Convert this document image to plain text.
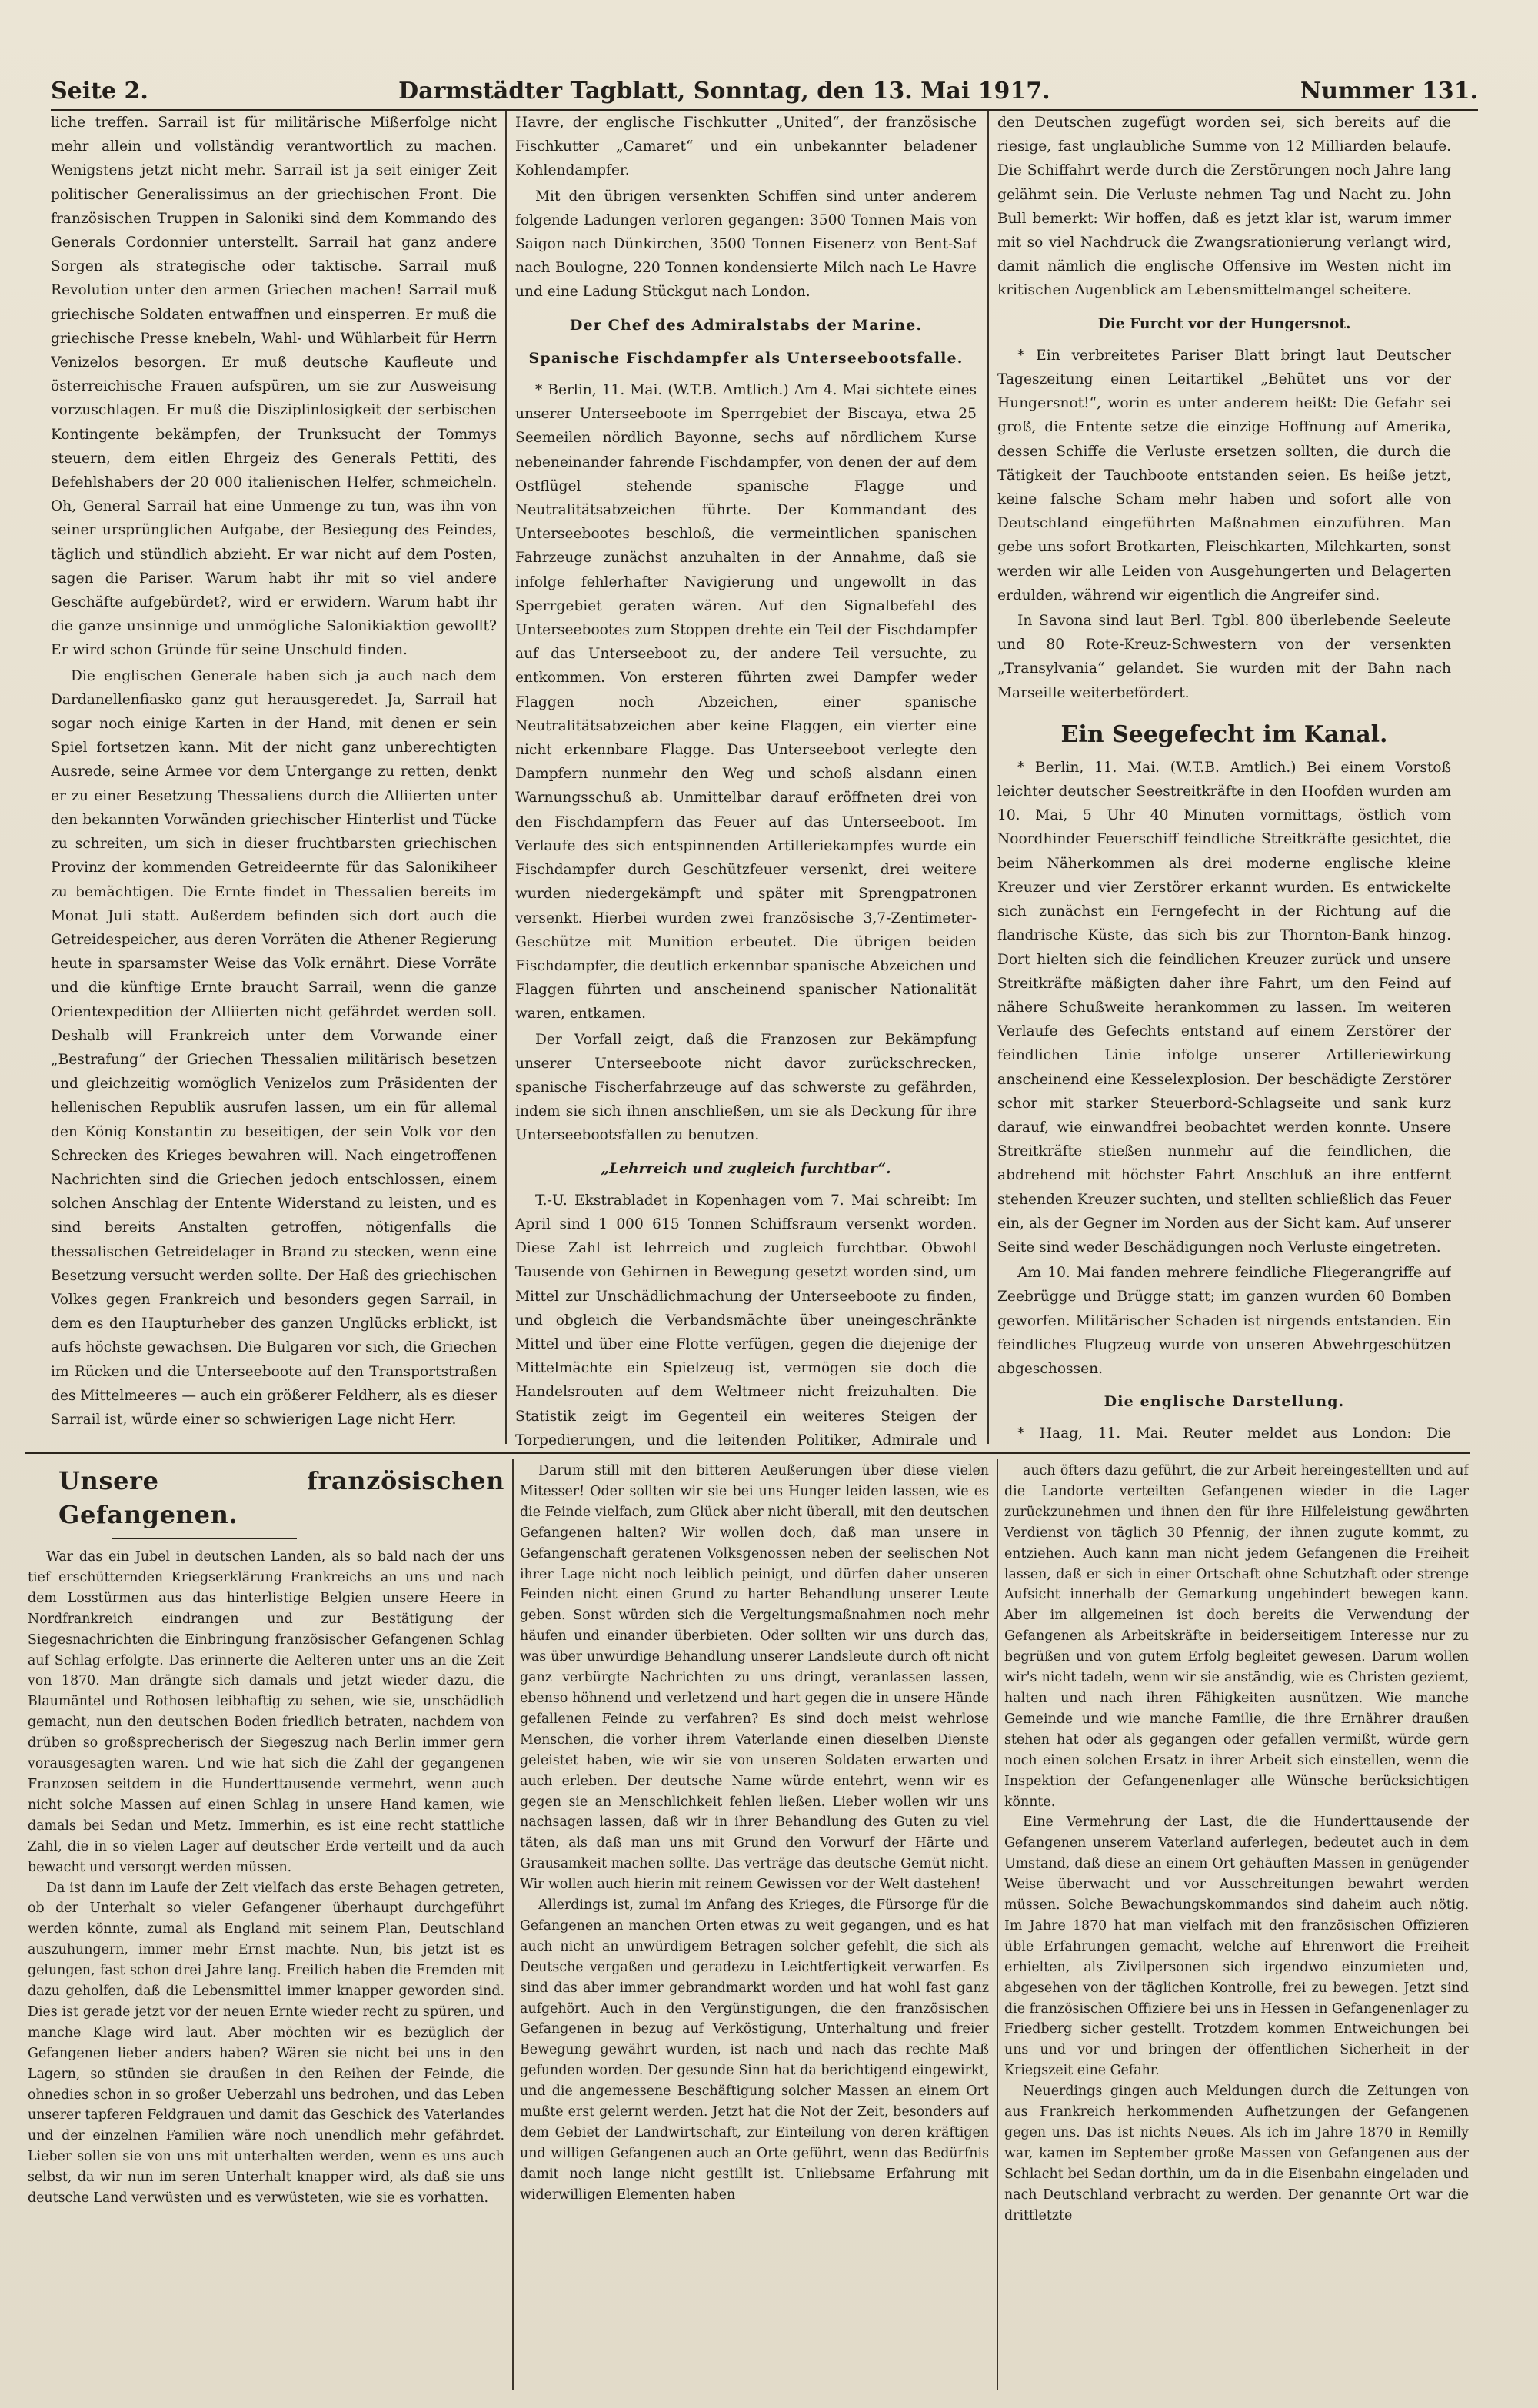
Seite 2.	Darmstädter Tagblatt, Sonntag, den 13. Mai 1917.	Nummer 131.

liche treffen. Sarrail ist für militärische Mißerfolge nicht mehr allein und vollständig verantwortlich zu machen. Wenigstens jetzt nicht mehr. Sarrail ist ja seit einiger Zeit politischer Generalissimus an der griechischen Front. Die französischen Truppen in Saloniki sind dem Kommando des Generals Cordonnier unterstellt. Sarrail hat ganz andere Sorgen als strategische oder taktische. Sarrail muß Revolution unter den armen Griechen machen! Sarrail muß griechische Soldaten entwaffnen und einsperren. Er muß die griechische Presse knebeln, Wahl- und Wühlarbeit für Herrn Venizelos besorgen. Er muß deutsche Kaufleute und österreichische Frauen aufspüren, um sie zur Ausweisung vorzuschlagen. Er muß die Disziplinlosigkeit der serbischen Kontingente bekämpfen, der Trunksucht der Tommys steuern, dem eitlen Ehrgeiz des Generals Pettiti, des Befehlshabers der 20 000 italienischen Helfer, schmeicheln. Oh, General Sarrail hat eine Unmenge zu tun, was ihn von seiner ursprünglichen Aufgabe, der Besiegung des Feindes, täglich und stündlich abzieht. Er war nicht auf dem Posten, sagen die Pariser. Warum habt ihr mit so viel andere Geschäfte aufgebürdet?, wird er erwidern. Warum habt ihr die ganze unsinnige und unmögliche Salonikiaktion gewollt? Er wird schon Gründe für seine Unschuld finden.

Die englischen Generale haben sich ja auch nach dem Dardanellenfiasko ganz gut herausgeredet. Ja, Sarrail hat sogar noch einige Karten in der Hand, mit denen er sein Spiel fortsetzen kann. Mit der nicht ganz unberechtigten Ausrede, seine Armee vor dem Untergange zu retten, denkt er zu einer Besetzung Thessaliens durch die Alliierten unter den bekannten Vorwänden griechischer Hinterlist und Tücke zu schreiten, um sich in dieser fruchtbarsten griechischen Provinz der kommenden Getreideernte für das Salonikiheer zu bemächtigen. Die Ernte findet in Thessalien bereits im Monat Juli statt. Außerdem befinden sich dort auch die Getreidespeicher, aus deren Vorräten die Athener Regierung heute in sparsamster Weise das Volk ernährt. Diese Vorräte und die künftige Ernte braucht Sarrail, wenn die ganze Orientexpedition der Alliierten nicht gefährdet werden soll. Deshalb will Frankreich unter dem Vorwande einer „Bestrafung“ der Griechen Thessalien militärisch besetzen und gleichzeitig womöglich Venizelos zum Präsidenten der hellenischen Republik ausrufen lassen, um ein für allemal den König Konstantin zu beseitigen, der sein Volk vor den Schrecken des Krieges bewahren will. Nach eingetroffenen Nachrichten sind die Griechen jedoch entschlossen, einem solchen Anschlag der Entente Widerstand zu leisten, und es sind bereits Anstalten getroffen, nötigenfalls die thessalischen Getreidelager in Brand zu stecken, wenn eine Besetzung versucht werden sollte. Der Haß des griechischen Volkes gegen Frankreich und besonders gegen Sarrail, in dem es den Haupturheber des ganzen Unglücks erblickt, ist aufs höchste gewachsen. Die Bulgaren vor sich, die Griechen im Rücken und die Unterseeboote auf den Transportstraßen des Mittelmeeres — auch ein größerer Feldherr, als es dieser Sarrail ist, würde einer so schwierigen Lage nicht Herr.

Havre, der englische Fischkutter „United“, der französische Fischkutter „Camaret“ und ein unbekannter beladener Kohlendampfer.

Mit den übrigen versenkten Schiffen sind unter anderem folgende Ladungen verloren gegangen: 3500 Tonnen Mais von Saigon nach Dünkirchen, 3500 Tonnen Eisenerz von Bent-Saf nach Boulogne, 220 Tonnen kondensierte Milch nach Le Havre und eine Ladung Stückgut nach London.

Der Chef des Admiralstabs der Marine.
Spanische Fischdampfer als Unterseebootsfalle.

* Berlin, 11. Mai. (W.T.B. Amtlich.) Am 4. Mai sichtete eines unserer Unterseeboote im Sperrgebiet der Biscaya, etwa 25 Seemeilen nördlich Bayonne, sechs auf nördlichem Kurse nebeneinander fahrende Fischdampfer, von denen der auf dem Ostflügel stehende spanische Flagge und Neutralitätsabzeichen führte. Der Kommandant des Unterseebootes beschloß, die vermeintlichen spanischen Fahrzeuge zunächst anzuhalten in der Annahme, daß sie infolge fehlerhafter Navigierung und ungewollt in das Sperrgebiet geraten wären. Auf den Signalbefehl des Unterseebootes zum Stoppen drehte ein Teil der Fischdampfer auf das Unterseeboot zu, der andere Teil versuchte, zu entkommen. Von ersteren führten zwei Dampfer weder Flaggen noch Abzeichen, einer spanische Neutralitätsabzeichen aber keine Flaggen, ein vierter eine nicht erkennbare Flagge. Das Unterseeboot verlegte den Dampfern nunmehr den Weg und schoß alsdann einen Warnungsschuß ab. Unmittelbar darauf eröffneten drei von den Fischdampfern das Feuer auf das Unterseeboot. Im Verlaufe des sich entspinnenden Artilleriekampfes wurde ein Fischdampfer durch Geschützfeuer versenkt, drei weitere wurden niedergekämpft und später mit Sprengpatronen versenkt. Hierbei wurden zwei französische 3,7-Zentimeter-Geschütze mit Munition erbeutet. Die übrigen beiden Fischdampfer, die deutlich erkennbar spanische Abzeichen und Flaggen führten und anscheinend spanischer Nationalität waren, entkamen.

Der Vorfall zeigt, daß die Franzosen zur Bekämpfung unserer Unterseeboote nicht davor zurückschrecken, spanische Fischerfahrzeuge auf das schwerste zu gefährden, indem sie sich ihnen anschließen, um sie als Deckung für ihre Unterseebootsfallen zu benutzen.

„Lehrreich und zugleich furchtbar“.

T.-U. Ekstrabladet in Kopenhagen vom 7. Mai schreibt: Im April sind 1 000 615 Tonnen Schiffsraum versenkt worden. Diese Zahl ist lehrreich und zugleich furchtbar. Obwohl Tausende von Gehirnen in Bewegung gesetzt worden sind, um Mittel zur Unschädlichmachung der Unterseeboote zu finden, und obgleich die Verbandsmächte über uneingeschränkte Mittel und über eine Flotte verfügen, gegen die diejenige der Mittelmächte ein Spielzeug ist, vermögen sie doch die Handelsrouten auf dem Weltmeer nicht freizuhalten. Die Statistik zeigt im Gegenteil ein weiteres Steigen der Torpedierungen, und die leitenden Politiker, Admirale und

den Deutschen zugefügt worden sei, sich bereits auf die riesige, fast unglaubliche Summe von 12 Milliarden belaufe. Die Schiffahrt werde durch die Zerstörungen noch Jahre lang gelähmt sein. Die Verluste nehmen Tag und Nacht zu. John Bull bemerkt: Wir hoffen, daß es jetzt klar ist, warum immer mit so viel Nachdruck die Zwangsrationierung verlangt wird, damit nämlich die englische Offensive im Westen nicht im kritischen Augenblick am Lebensmittelmangel scheitere.

Die Furcht vor der Hungersnot.

* Ein verbreitetes Pariser Blatt bringt laut Deutscher Tageszeitung einen Leitartikel „Behütet uns vor der Hungersnot!“, worin es unter anderem heißt: Die Gefahr sei groß, die Entente setze die einzige Hoffnung auf Amerika, dessen Schiffe die Verluste ersetzen sollten, die durch die Tätigkeit der Tauchboote entstanden seien. Es heiße jetzt, keine falsche Scham mehr haben und sofort alle von Deutschland eingeführten Maßnahmen einzuführen. Man gebe uns sofort Brotkarten, Fleischkarten, Milchkarten, sonst werden wir alle Leiden von Ausgehungerten und Belagerten erdulden, während wir eigentlich die Angreifer sind.

In Savona sind laut Berl. Tgbl. 800 überlebende Seeleute und 80 Rote-Kreuz-Schwestern von der versenkten „Transylvania“ gelandet. Sie wurden mit der Bahn nach Marseille weiterbefördert.

Ein Seegefecht im Kanal.

* Berlin, 11. Mai. (W.T.B. Amtlich.) Bei einem Vorstoß leichter deutscher Seestreitkräfte in den Hoofden wurden am 10. Mai, 5 Uhr 40 Minuten vormittags, östlich vom Noordhinder Feuerschiff feindliche Streitkräfte gesichtet, die beim Näherkommen als drei moderne englische kleine Kreuzer und vier Zerstörer erkannt wurden. Es entwickelte sich zunächst ein Ferngefecht in der Richtung auf die flandrische Küste, das sich bis zur Thornton-Bank hinzog. Dort hielten sich die feindlichen Kreuzer zurück und unsere Streitkräfte mäßigten daher ihre Fahrt, um den Feind auf nähere Schußweite herankommen zu lassen. Im weiteren Verlaufe des Gefechts entstand auf einem Zerstörer der feindlichen Linie infolge unserer Artilleriewirkung anscheinend eine Kesselexplosion. Der beschädigte Zerstörer schor mit starker Steuerbord-Schlagseite und sank kurz darauf, wie einwandfrei beobachtet werden konnte. Unsere Streitkräfte stießen nunmehr auf die feindlichen, die abdrehend mit höchster Fahrt Anschluß an ihre entfernt stehenden Kreuzer suchten, und stellten schließlich das Feuer ein, als der Gegner im Norden aus der Sicht kam. Auf unserer Seite sind weder Beschädigungen noch Verluste eingetreten.

Am 10. Mai fanden mehrere feindliche Fliegerangriffe auf Zeebrügge und Brügge statt; im ganzen wurden 60 Bomben geworfen. Militärischer Schaden ist nirgends entstanden. Ein feindliches Flugzeug wurde von unseren Abwehrgeschützen abgeschossen.

Die englische Darstellung.

* Haag, 11. Mai. Reuter meldet aus London: Die

Unsere französischen Gefangenen.

War das ein Jubel in deutschen Landen, als so bald nach der uns tief erschütternden Kriegserklärung Frankreichs an uns und nach dem Losstürmen aus das hinterlistige Belgien unsere Heere in Nordfrankreich eindrangen und zur Bestätigung der Siegesnachrichten die Einbringung französischer Gefangenen Schlag auf Schlag erfolgte. Das erinnerte die Aelteren unter uns an die Zeit von 1870. Man drängte sich damals und jetzt wieder dazu, die Blaumäntel und Rothosen leibhaftig zu sehen, wie sie, unschädlich gemacht, nun den deutschen Boden friedlich betraten, nachdem von drüben so großsprecherisch der Siegeszug nach Berlin immer gern vorausgesagten waren. Und wie hat sich die Zahl der gegangenen Franzosen seitdem in die Hunderttausende vermehrt, wenn auch nicht solche Massen auf einen Schlag in unsere Hand kamen, wie damals bei Sedan und Metz. Immerhin, es ist eine recht stattliche Zahl, die in so vielen Lager auf deutscher Erde verteilt und da auch bewacht und versorgt werden müssen.

Da ist dann im Laufe der Zeit vielfach das erste Behagen getreten, ob der Unterhalt so vieler Gefangener überhaupt durchgeführt werden könnte, zumal als England mit seinem Plan, Deutschland auszuhungern, immer mehr Ernst machte. Nun, bis jetzt ist es gelungen, fast schon drei Jahre lang. Freilich haben die Fremden mit dazu geholfen, daß die Lebensmittel immer knapper geworden sind. Dies ist gerade jetzt vor der neuen Ernte wieder recht zu spüren, und manche Klage wird laut. Aber möchten wir es bezüglich der Gefangenen lieber anders haben? Wären sie nicht bei uns in den Lagern, so stünden sie draußen in den Reihen der Feinde, die ohnedies schon in so großer Ueberzahl uns bedrohen, und das Leben unserer tapferen Feldgrauen und damit das Geschick des Vaterlandes und der einzelnen Familien wäre noch unendlich mehr gefährdet. Lieber sollen sie von uns mit unterhalten werden, wenn es uns auch selbst, da wir nun im seren Unterhalt knapper wird, als daß sie uns deutsche Land verwüsten und es verwüsteten, wie sie es vorhatten.

Darum still mit den bitteren Aeußerungen über diese vielen Mitesser! Oder sollten wir sie bei uns Hunger leiden lassen, wie es die Feinde vielfach, zum Glück aber nicht überall, mit den deutschen Gefangenen halten? Wir wollen doch, daß man unsere in Gefangenschaft geratenen Volksgenossen neben der seelischen Not ihrer Lage nicht noch leiblich peinigt, und dürfen daher unseren Feinden nicht einen Grund zu harter Behandlung unserer Leute geben. Sonst würden sich die Vergeltungsmaßnahmen noch mehr häufen und einander überbieten. Oder sollten wir uns durch das, was über unwürdige Behandlung unserer Landsleute durch oft nicht ganz verbürgte Nachrichten zu uns dringt, veranlassen lassen, ebenso höhnend und verletzend und hart gegen die in unsere Hände gefallenen Feinde zu verfahren? Es sind doch meist wehrlose Menschen, die vorher ihrem Vaterlande einen dieselben Dienste geleistet haben, wie wir sie von unseren Soldaten erwarten und auch erleben. Der deutsche Name würde entehrt, wenn wir es gegen sie an Menschlichkeit fehlen ließen. Lieber wollen wir uns nachsagen lassen, daß wir in ihrer Behandlung des Guten zu viel täten, als daß man uns mit Grund den Vorwurf der Härte und Grausamkeit machen sollte. Das verträge das deutsche Gemüt nicht. Wir wollen auch hierin mit reinem Gewissen vor der Welt dastehen!

Allerdings ist, zumal im Anfang des Krieges, die Fürsorge für die Gefangenen an manchen Orten etwas zu weit gegangen, und es hat auch nicht an unwürdigem Betragen solcher gefehlt, die sich als Deutsche vergaßen und geradezu in Leichtfertigkeit verwarfen. Es sind das aber immer gebrandmarkt worden und hat wohl fast ganz aufgehört. Auch in den Vergünstigungen, die den französischen Gefangenen in bezug auf Verköstigung, Unterhaltung und freier Bewegung gewährt wurden, ist nach und nach das rechte Maß gefunden worden. Der gesunde Sinn hat da berichtigend eingewirkt, und die angemessene Beschäftigung solcher Massen an einem Ort mußte erst gelernt werden. Jetzt hat die Not der Zeit, besonders auf dem Gebiet der Landwirtschaft, zur Einteilung von deren kräftigen und willigen Gefangenen auch an Orte geführt, wenn das Bedürfnis damit noch lange nicht gestillt ist. Unliebsame Erfahrung mit widerwilligen Elementen haben

auch öfters dazu geführt, die zur Arbeit hereingestellten und auf die Landorte verteilten Gefangenen wieder in die Lager zurückzunehmen und ihnen den für ihre Hilfeleistung gewährten Verdienst von täglich 30 Pfennig, der ihnen zugute kommt, zu entziehen. Auch kann man nicht jedem Gefangenen die Freiheit lassen, daß er sich in einer Ortschaft ohne Schutzhaft oder strenge Aufsicht innerhalb der Gemarkung ungehindert bewegen kann. Aber im allgemeinen ist doch bereits die Verwendung der Gefangenen als Arbeitskräfte in beiderseitigem Interesse nur zu begrüßen und von gutem Erfolg begleitet gewesen. Darum wollen wir's nicht tadeln, wenn wir sie anständig, wie es Christen geziemt, halten und nach ihren Fähigkeiten ausnützen. Wie manche Gemeinde und wie manche Familie, die ihre Ernährer draußen stehen hat oder als gegangen oder gefallen vermißt, würde gern noch einen solchen Ersatz in ihrer Arbeit sich einstellen, wenn die Inspektion der Gefangenenlager alle Wünsche berücksichtigen könnte.

Eine Vermehrung der Last, die die Hunderttausende der Gefangenen unserem Vaterland auferlegen, bedeutet auch in dem Umstand, daß diese an einem Ort gehäuften Massen in genügender Weise überwacht und vor Ausschreitungen bewahrt werden müssen. Solche Bewachungskommandos sind daheim auch nötig. Im Jahre 1870 hat man vielfach mit den französischen Offizieren üble Erfahrungen gemacht, welche auf Ehrenwort die Freiheit erhielten, als Zivilpersonen sich irgendwo einzumieten und, abgesehen von der täglichen Kontrolle, frei zu bewegen. Jetzt sind die französischen Offiziere bei uns in Hessen in Gefangenenlager zu Friedberg sicher gestellt. Trotzdem kommen Entweichungen bei uns und vor und bringen der öffentlichen Sicherheit in der Kriegszeit eine Gefahr.

Neuerdings gingen auch Meldungen durch die Zeitungen von aus Frankreich herkommenden Aufhetzungen der Gefangenen gegen uns. Das ist nichts Neues. Als ich im Jahre 1870 in Remilly war, kamen im September große Massen von Gefangenen aus der Schlacht bei Sedan dorthin, um da in die Eisenbahn eingeladen und nach Deutschland verbracht zu werden. Der genannte Ort war die drittletzte
